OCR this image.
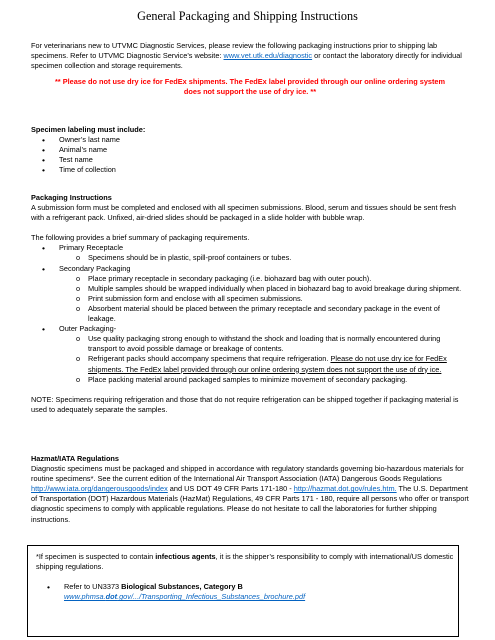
General Packaging and Shipping Instructions

For veterinarians new to UTVMC Diagnostic Services, please review the following packaging instructions prior to shipping lab specimens. Refer to UTVMC Diagnostic Service’s website: www.vet.utk.edu/diagnostic or contact the laboratory directly for individual specimen collection and storage requirements.

** Please do not use dry ice for FedEx shipments. The FedEx label provided through our online ordering system

does not support the use of dry ice. **

Specimen labeling must include:

• Owner’s last name

• Animal’s name

• Test name

• Time of collection

Packaging Instructions

A submission form must be completed and enclosed with all specimen submissions. Blood, serum and tissues should be sent fresh with a refrigerant pack. Unfixed, air-dried slides should be packaged in a slide holder with bubble wrap.

The following provides a brief summary of packaging requirements.

• Primary Receptacle

o Specimens should be in plastic, spill-proof containers or tubes.

• Secondary Packaging

o Place primary receptacle in secondary packaging (i.e. biohazard bag with outer pouch).

o Multiple samples should be wrapped individually when placed in biohazard bag to avoid breakage during shipment.

o Print submission form and enclose with all specimen submissions.

o Absorbent material should be placed between the primary receptacle and secondary package in the event of leakage.

• Outer Packaging-

o Use quality packaging strong enough to withstand the shock and loading that is normally encountered during transport to avoid possible damage or breakage of contents.

o Refrigerant packs should accompany specimens that require refrigeration. Please do not use dry ice for FedEx shipments. The FedEx label provided through our online ordering system does not support the use of dry ice.

o Place packing material around packaged samples to minimize movement of secondary packaging.

NOTE: Specimens requiring refrigeration and those that do not require refrigeration can be shipped together if packaging material is used to adequately separate the samples.

Hazmat/IATA Regulations

Diagnostic specimens must be packaged and shipped in accordance with regulatory standards governing bio-hazardous materials for routine specimens*. See the current edition of the International Air Transport Association (IATA) Dangerous Goods Regulations http://www.iata.org/dangerousgoods/index and US DOT 49 CFR Parts 171-180 - http://hazmat.dot.gov/rules.htm. The U.S. Department of Transportation (DOT) Hazardous Materials (HazMat) Regulations, 49 CFR Parts 171 - 180, require all persons who offer or transport diagnostic specimens to comply with applicable regulations. Please do not hesitate to call the laboratories for further shipping instructions.

*If specimen is suspected to contain infectious agents, it is the shipper’s responsibility to comply with international/US domestic shipping regulations.

• Refer to UN3373 Biological Substances, Category B

www.phmsa.dot.gov/.../Transporting_Infectious_Substances_brochure.pdf
